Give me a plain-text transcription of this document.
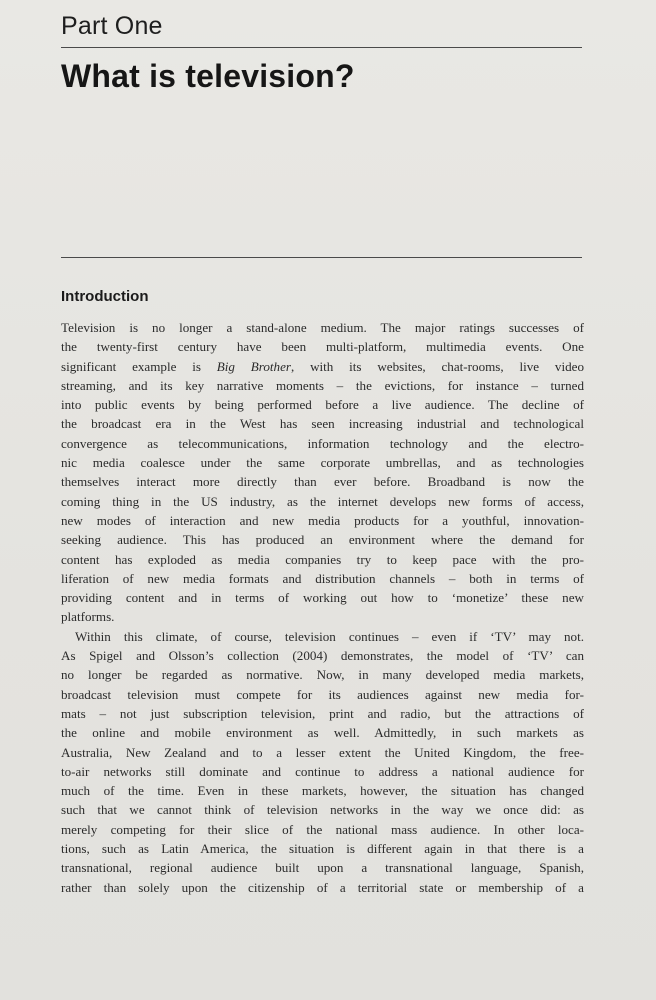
Part One
What is television?
Introduction
Television is no longer a stand-alone medium. The major ratings successes of
the twenty-first century have been multi-platform, multimedia events. One
significant example is Big Brother, with its websites, chat-rooms, live video
streaming, and its key narrative moments – the evictions, for instance – turned
into public events by being performed before a live audience. The decline of
the broadcast era in the West has seen increasing industrial and technological
convergence as telecommunications, information technology and the electro-
nic media coalesce under the same corporate umbrellas, and as technologies
themselves interact more directly than ever before. Broadband is now the
coming thing in the US industry, as the internet develops new forms of access,
new modes of interaction and new media products for a youthful, innovation-
seeking audience. This has produced an environment where the demand for
content has exploded as media companies try to keep pace with the pro-
liferation of new media formats and distribution channels – both in terms of
providing content and in terms of working out how to ‘monetize’ these new
platforms.
Within this climate, of course, television continues – even if ‘TV’ may not.
As Spigel and Olsson’s collection (2004) demonstrates, the model of ‘TV’ can
no longer be regarded as normative. Now, in many developed media markets,
broadcast television must compete for its audiences against new media for-
mats – not just subscription television, print and radio, but the attractions of
the online and mobile environment as well. Admittedly, in such markets as
Australia, New Zealand and to a lesser extent the United Kingdom, the free-
to-air networks still dominate and continue to address a national audience for
much of the time. Even in these markets, however, the situation has changed
such that we cannot think of television networks in the way we once did: as
merely competing for their slice of the national mass audience. In other loca-
tions, such as Latin America, the situation is different again in that there is a
transnational, regional audience built upon a transnational language, Spanish,
rather than solely upon the citizenship of a territorial state or membership of a
